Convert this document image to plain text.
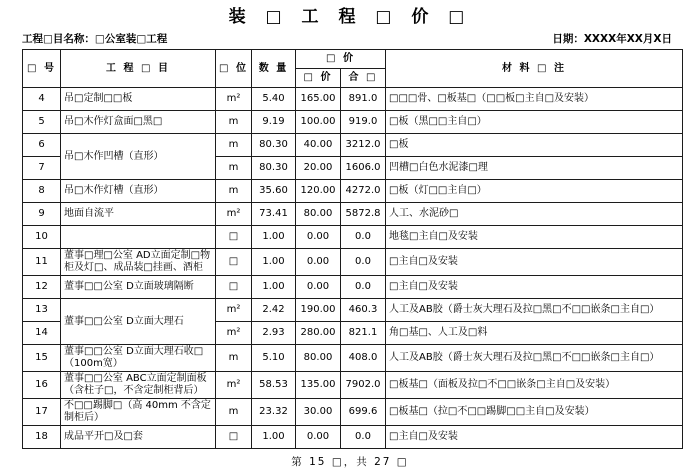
装 □ 工 程 □ 价 □
工程□目名称：□公室装□工程	日期：XXXX年XX月X日
□ 号	工 程 □ 目	□ 位	数 量	□ 价		材 料 □ 注
				□ 价	合 □	
4	吊□定制□□板	m²	5.40	165.00	891.0	□□□骨、□板基□（□□板□主自□及安装）
5	吊□木作灯盒面□黑□	m	9.19	100.00	919.0	□板（黑□□主自□）
6	吊□木作凹槽（直形）	m	80.30	40.00	3212.0	□板
7		m	80.30	20.00	1606.0	凹槽□白色水泥漆□理
8	吊□木作灯槽（直形）	m	35.60	120.00	4272.0	□板（灯□□主自□）
9	地面自流平	m²	73.41	80.00	5872.8	人工、水泥砂□
10		□	1.00	0.00	0.0	地毯□主自□及安装
11	董事□理□公室 AD立面定制□物柜及灯□、成品装□挂画、酒柜	□	1.00	0.00	0.0	□主自□及安装
12	董事□□公室 D立面玻璃隔断	□	1.00	0.00	0.0	□主自□及安装
13	董事□□公室 D立面大理石	m²	2.42	190.00	460.3	人工及AB胶（爵士灰大理石及拉□黑□不□□嵌条□主自□）
14		m²	2.93	280.00	821.1	角□基□、人工及□料
15	董事□□公室 D立面大理石收□（100m宽）	m	5.10	80.00	408.0	人工及AB胶（爵士灰大理石及拉□黑□不□□嵌条□主自□）
16	董事□□公室 ABC立面定制面板（含柱子□，不含定制柜背后）	m²	58.53	135.00	7902.0	□板基□（面板及拉□不□□嵌条□主自□及安装）
17	不□□踢脚□（高 40mm 不含定制柜后）	m	23.32	30.00	699.6	□板基□（拉□不□□踢脚□□主自□及安装）
18	成品平开□及□套	□	1.00	0.00	0.0	□主自□及安装
第 15 □，共 27 □
